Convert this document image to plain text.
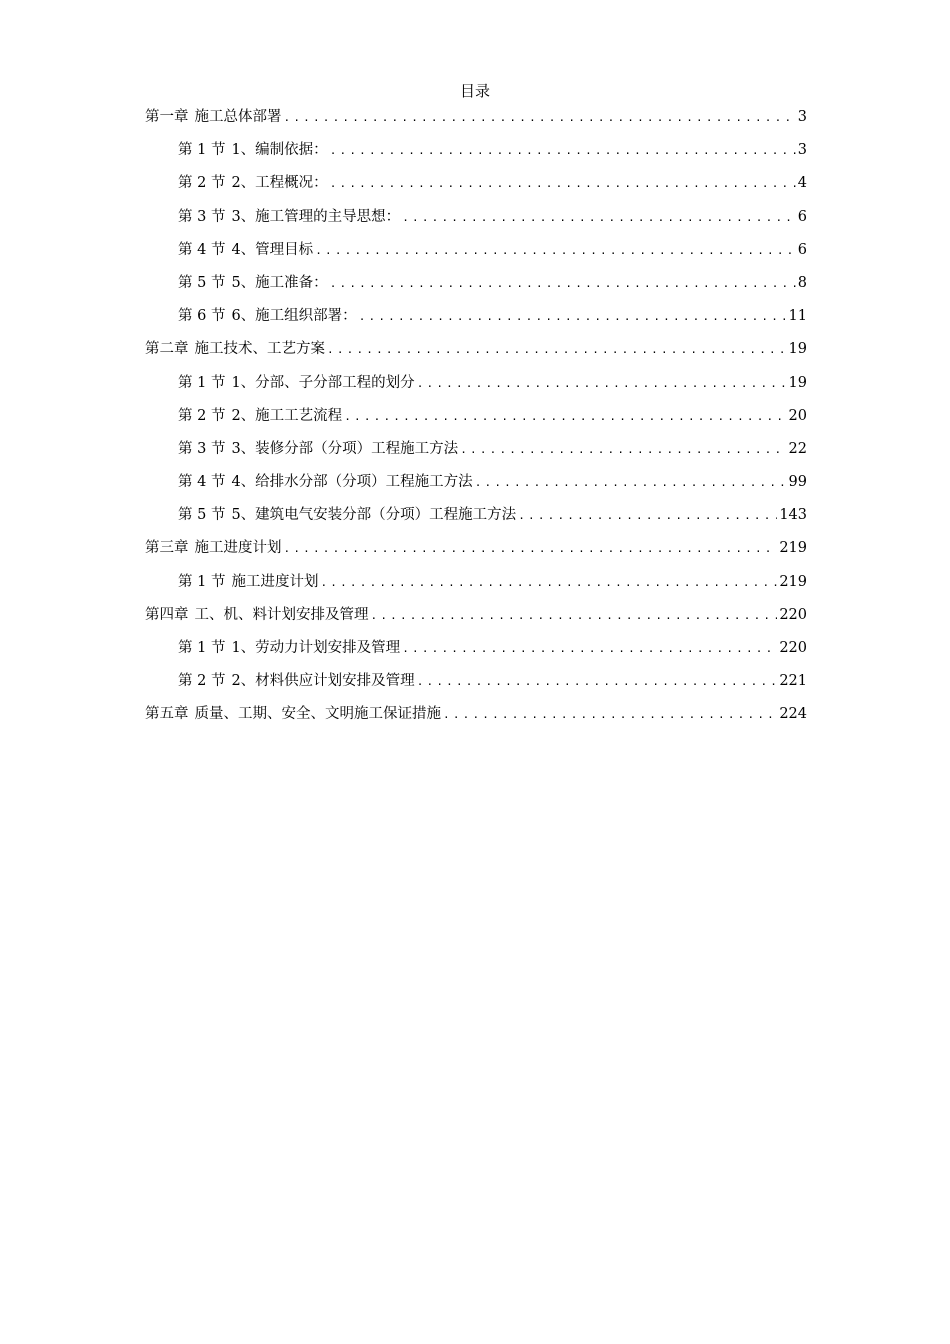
目录
第一章 施工总体部署 .....	3
第 1 节 1、编制依据： .....	3
第 2 节 2、工程概况： .....	4
第 3 节 3、施工管理的主导思想： .....	6
第 4 节 4、管理目标 .....	6
第 5 节 5、施工准备： .....	8
第 6 节 6、施工组织部署： .....	11
第二章 施工技术、工艺方案 .....	19
第 1 节 1、分部、子分部工程的划分 .....	19
第 2 节 2、施工工艺流程 .....	20
第 3 节 3、装修分部（分项）工程施工方法 .....	22
第 4 节 4、给排水分部（分项）工程施工方法 .....	99
第 5 节 5、建筑电气安装分部（分项）工程施工方法 .....	143
第三章 施工进度计划 .....	219
第 1 节 施工进度计划 .....	219
第四章 工、机、料计划安排及管理 .....	220
第 1 节 1、劳动力计划安排及管理 .....	220
第 2 节 2、材料供应计划安排及管理 .....	221
第五章 质量、工期、安全、文明施工保证措施 .....	224
